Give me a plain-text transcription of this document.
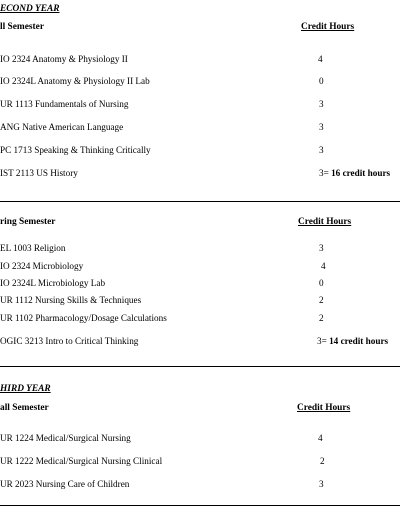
ECOND YEAR
ll Semester	Credit Hours
IO 2324 Anatomy & Physiology II	4
IO 2324L Anatomy & Physiology II Lab	0
UR 1113 Fundamentals of Nursing	3
ANG Native American Language	3
PC 1713 Speaking & Thinking Critically	3
IST 2113 US History	3= 16 credit hours
ring Semester	Credit Hours
EL 1003 Religion	3
IO 2324 Microbiology	4
IO 2324L Microbiology Lab	0
UR 1112 Nursing Skills & Techniques	2
UR 1102 Pharmacology/Dosage Calculations	2
OGIC 3213 Intro to Critical Thinking	3= 14 credit hours
HIRD YEAR
all Semester	Credit Hours
UR 1224 Medical/Surgical Nursing	4
UR 1222 Medical/Surgical Nursing Clinical	2
UR 2023 Nursing Care of Children	3
